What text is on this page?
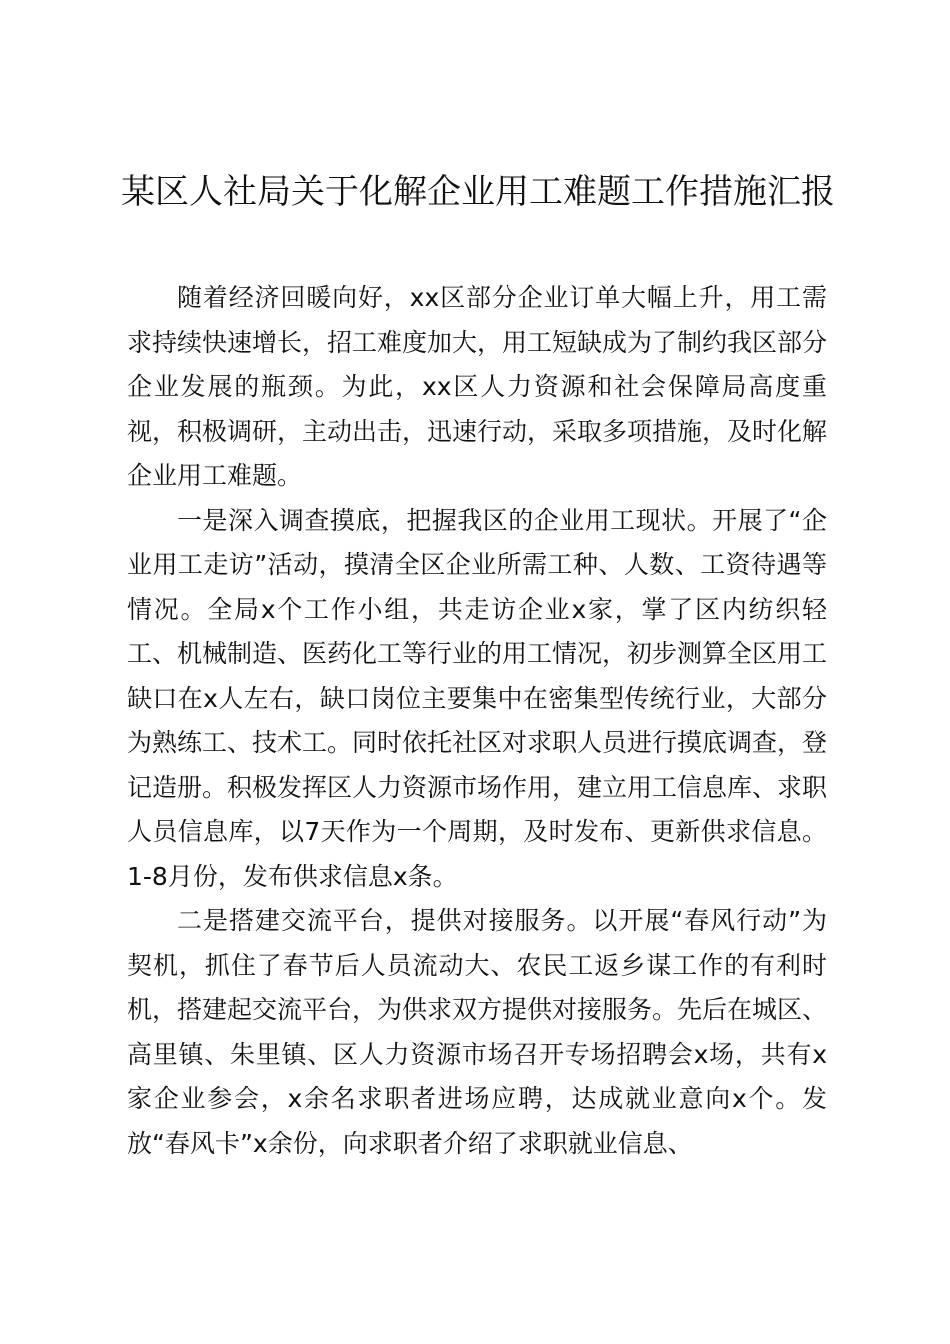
某区人社局关于化解企业用工难题工作措施汇报

随着经济回暖向好，xx区部分企业订单大幅上升，用工需求持续快速增长，招工难度加大，用工短缺成为了制约我区部分企业发展的瓶颈。为此，xx区人力资源和社会保障局高度重视，积极调研，主动出击，迅速行动，采取多项措施，及时化解企业用工难题。

一是深入调查摸底，把握我区的企业用工现状。开展了“企业用工走访”活动，摸清全区企业所需工种、人数、工资待遇等情况。全局x个工作小组，共走访企业x家，掌了区内纺织轻工、机械制造、医药化工等行业的用工情况，初步测算全区用工缺口在x人左右，缺口岗位主要集中在密集型传统行业，大部分为熟练工、技术工。同时依托社区对求职人员进行摸底调查，登记造册。积极发挥区人力资源市场作用，建立用工信息库、求职人员信息库，以7天作为一个周期，及时发布、更新供求信息。1-8月份，发布供求信息x条。

二是搭建交流平台，提供对接服务。以开展“春风行动”为契机，抓住了春节后人员流动大、农民工返乡谋工作的有利时机，搭建起交流平台，为供求双方提供对接服务。先后在城区、高里镇、朱里镇、区人力资源市场召开专场招聘会x场，共有x家企业参会，x余名求职者进场应聘，达成就业意向x个。发放“春风卡”x余份，向求职者介绍了求职就业信息、
